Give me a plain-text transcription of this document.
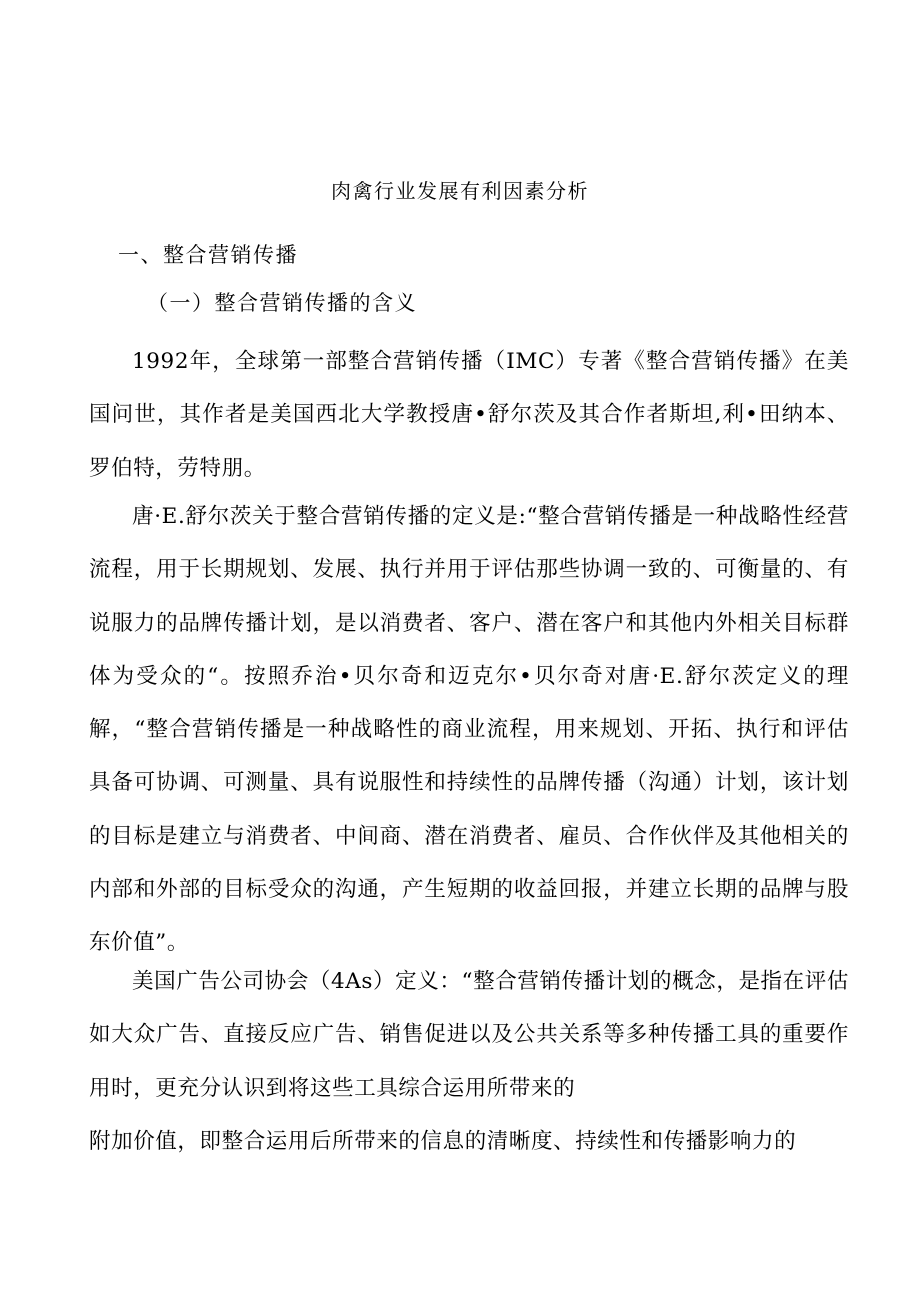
肉禽行业发展有利因素分析
一、整合营销传播
（一）整合营销传播的含义

1992年，全球第一部整合营销传播（IMC）专著《整合营销传播》在美国问世，其作者是美国西北大学教授唐•舒尔茨及其合作者斯坦,利•田纳本、罗伯特，劳特朋。

唐·E.舒尔茨关于整合营销传播的定义是:“整合营销传播是一种战略性经营流程，用于长期规划、发展、执行并用于评估那些协调一致的、可衡量的、有说服力的品牌传播计划，是以消费者、客户、潜在客户和其他内外相关目标群体为受众的“。按照乔治•贝尔奇和迈克尔•贝尔奇对唐·E.舒尔茨定义的理解，“整合营销传播是一种战略性的商业流程，用来规划、开拓、执行和评估具备可协调、可测量、具有说服性和持续性的品牌传播（沟通）计划，该计划的目标是建立与消费者、中间商、潜在消费者、雇员、合作伙伴及其他相关的内部和外部的目标受众的沟通，产生短期的收益回报，并建立长期的品牌与股东价值”。

美国广告公司协会（4As）定义：“整合营销传播计划的概念，是指在评估如大众广告、直接反应广告、销售促进以及公共关系等多种传播工具的重要作用时，更充分认识到将这些工具综合运用所带来的
附加价值，即整合运用后所带来的信息的清晰度、持续性和传播影响力的
